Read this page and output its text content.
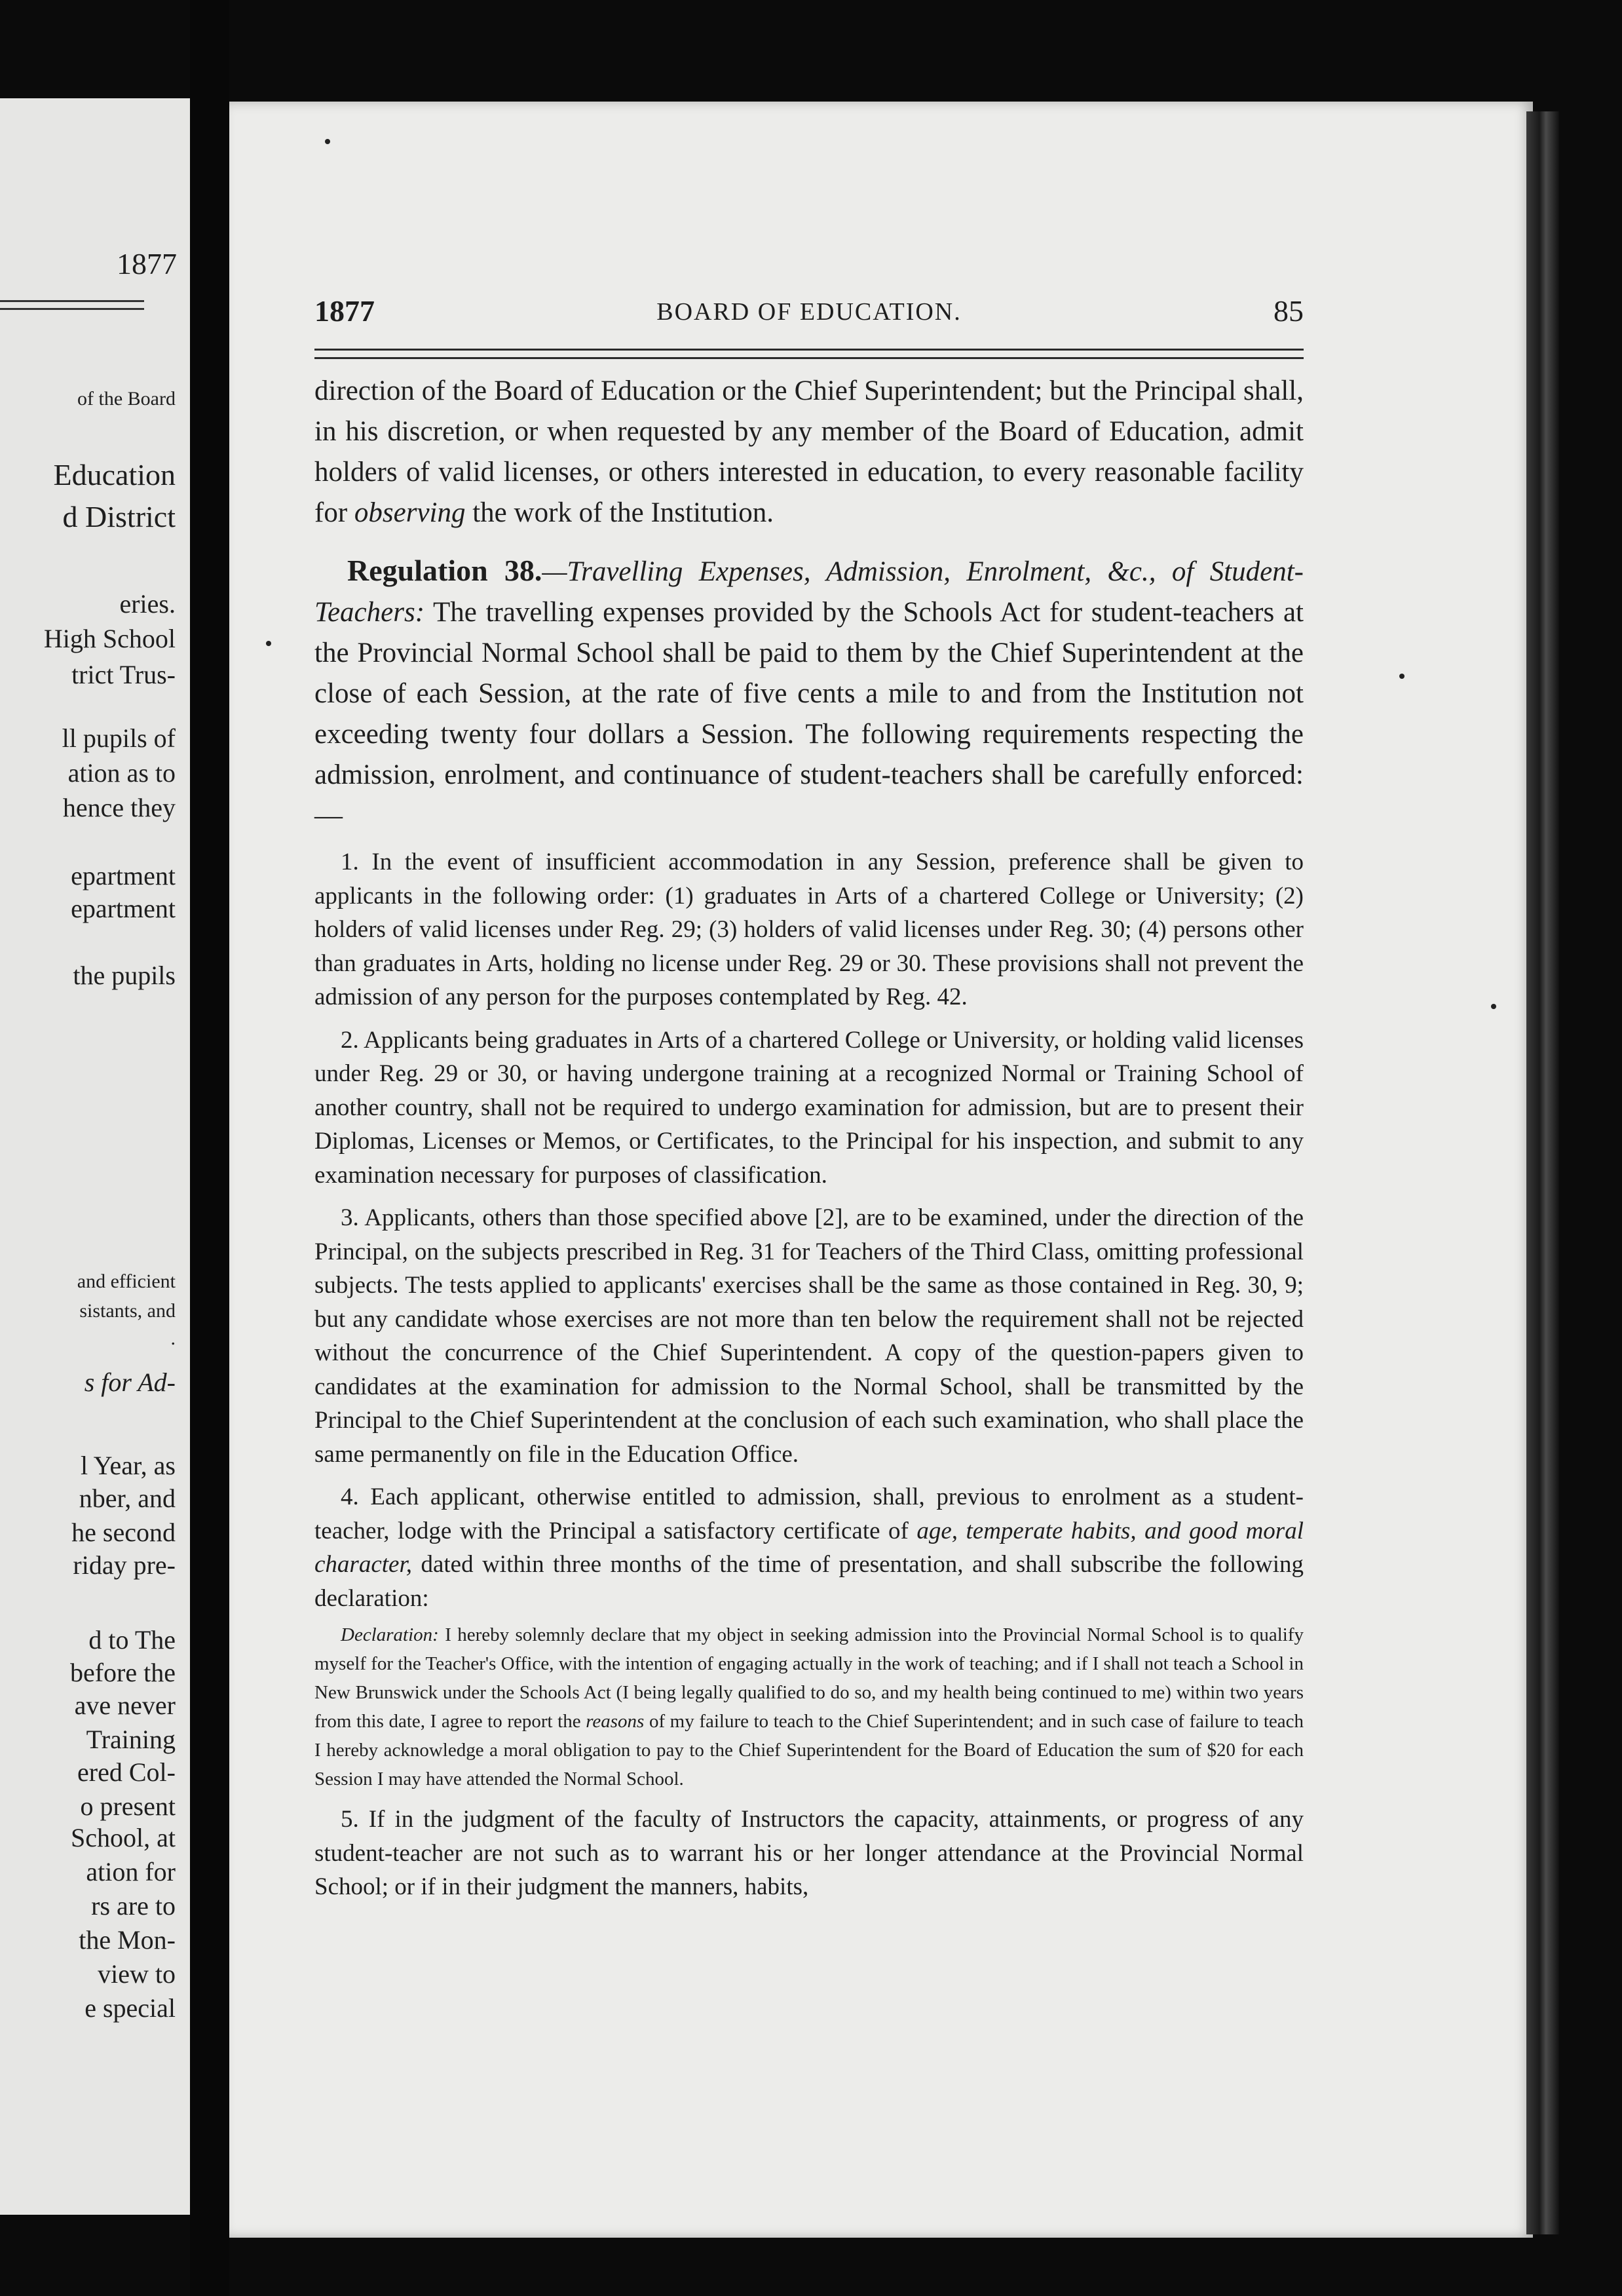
1877
of the Board
Education
d District
eries.
High School
trict Trus-
ll pupils of
ation as to
hence they
epartment
epartment
the pupils
and efficient
sistants, and
.
s for Ad-
l Year, as
nber, and
he second
riday pre-
d to The
before the
ave never
Training
ered Col-
o present
School, at
ation for
rs are to
the Mon-
view to
e special
1877	BOARD OF EDUCATION.	85

direction of the Board of Education or the Chief Superintendent; but the Principal shall, in his discretion, or when requested by any member of the Board of Education, admit holders of valid licenses, or others interested in education, to every reasonable facility for observing the work of the Institution.

Regulation 38.—Travelling Expenses, Admission, Enrolment, &c., of Student-Teachers: The travelling expenses provided by the Schools Act for student-teachers at the Provincial Normal School shall be paid to them by the Chief Superintendent at the close of each Session, at the rate of five cents a mile to and from the Institution not exceeding twenty four dollars a Session. The following requirements respecting the admission, enrolment, and continuance of student-teachers shall be carefully enforced:—

1. In the event of insufficient accommodation in any Session, preference shall be given to applicants in the following order: (1) graduates in Arts of a chartered College or University; (2) holders of valid licenses under Reg. 29; (3) holders of valid licenses under Reg. 30; (4) persons other than graduates in Arts, holding no license under Reg. 29 or 30. These provisions shall not prevent the admission of any person for the purposes contemplated by Reg. 42.

2. Applicants being graduates in Arts of a chartered College or University, or holding valid licenses under Reg. 29 or 30, or having undergone training at a recognized Normal or Training School of another country, shall not be required to undergo examination for admission, but are to present their Diplomas, Licenses or Memos, or Certificates, to the Principal for his inspection, and submit to any examination necessary for purposes of classification.

3. Applicants, others than those specified above [2], are to be examined, under the direction of the Principal, on the subjects prescribed in Reg. 31 for Teachers of the Third Class, omitting professional subjects. The tests applied to applicants' exercises shall be the same as those contained in Reg. 30, 9; but any candidate whose exercises are not more than ten below the requirement shall not be rejected without the concurrence of the Chief Superintendent. A copy of the question-papers given to candidates at the examination for admission to the Normal School, shall be transmitted by the Principal to the Chief Superintendent at the conclusion of each such examination, who shall place the same permanently on file in the Education Office.

4. Each applicant, otherwise entitled to admission, shall, previous to enrolment as a student-teacher, lodge with the Principal a satisfactory certificate of age, temperate habits, and good moral character, dated within three months of the time of presentation, and shall subscribe the following declaration:

Declaration: I hereby solemnly declare that my object in seeking admission into the Provincial Normal School is to qualify myself for the Teacher's Office, with the intention of engaging actually in the work of teaching; and if I shall not teach a School in New Brunswick under the Schools Act (I being legally qualified to do so, and my health being continued to me) within two years from this date, I agree to report the reasons of my failure to teach to the Chief Superintendent; and in such case of failure to teach I hereby acknowledge a moral obligation to pay to the Chief Superintendent for the Board of Education the sum of $20 for each Session I may have attended the Normal School.

5. If in the judgment of the faculty of Instructors the capacity, attainments, or progress of any student-teacher are not such as to warrant his or her longer attendance at the Provincial Normal School; or if in their judgment the manners, habits,
